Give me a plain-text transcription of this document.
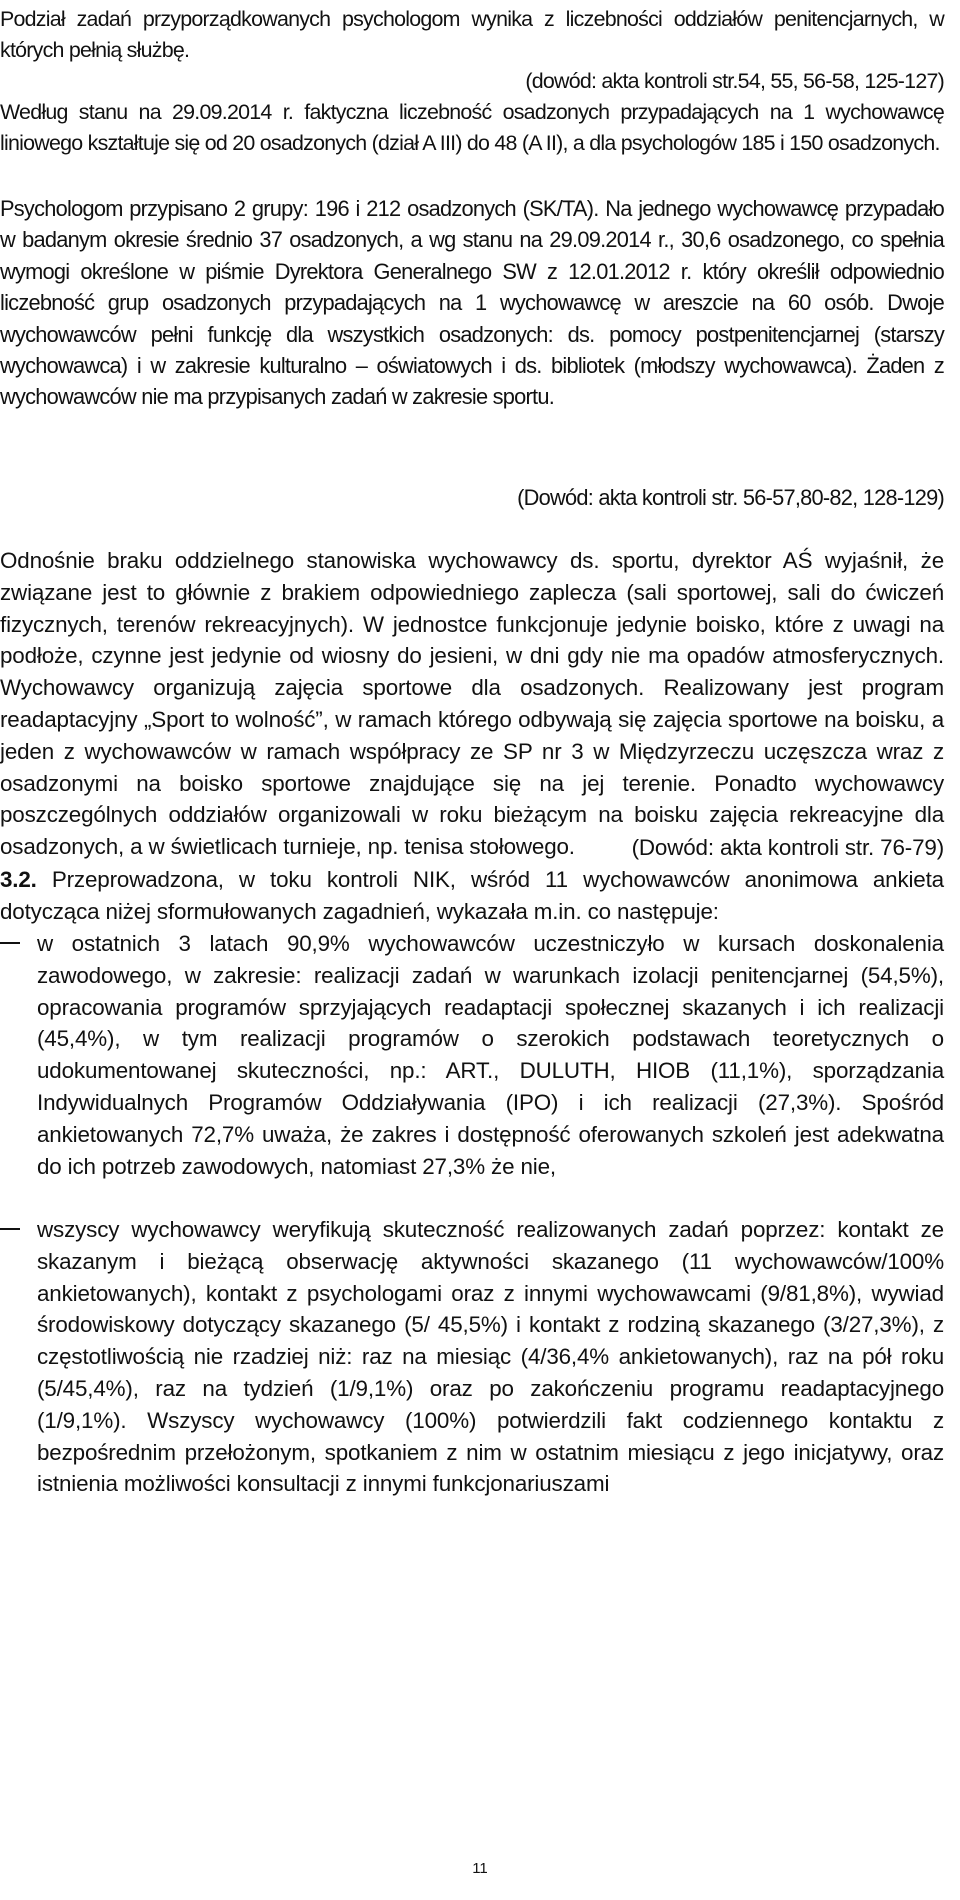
Podział zadań przyporządkowanych psychologom wynika z liczebności oddziałów penitencjarnych, w których pełnią służbę.
(dowód: akta kontroli str.54, 55, 56-58, 125-127)
Według stanu na 29.09.2014 r. faktyczna liczebność osadzonych przypadających na 1 wychowawcę liniowego kształtuje się od 20 osadzonych (dział A III) do 48 (A II), a dla psychologów 185 i 150 osadzonych.
Psychologom przypisano 2 grupy: 196 i 212 osadzonych (SK/TA). Na jednego wychowawcę przypadało w badanym okresie średnio 37 osadzonych, a wg stanu na 29.09.2014 r., 30,6 osadzonego, co spełnia wymogi określone w piśmie Dyrektora Generalnego SW z 12.01.2012 r. który określił odpowiednio liczebność grup osadzonych przypadających na 1 wychowawcę w areszcie na 60 osób. Dwoje wychowawców pełni funkcję dla wszystkich osadzonych: ds. pomocy postpenitencjarnej (starszy wychowawca) i w zakresie kulturalno – oświatowych i ds. bibliotek (młodszy wychowawca). Żaden z wychowawców nie ma przypisanych zadań w zakresie sportu.
(Dowód: akta kontroli str. 56-57,80-82, 128-129)
Odnośnie braku oddzielnego stanowiska wychowawcy ds. sportu, dyrektor AŚ wyjaśnił, że związane jest to głównie z brakiem odpowiedniego zaplecza (sali sportowej, sali do ćwiczeń fizycznych, terenów rekreacyjnych). W jednostce funkcjonuje jedynie boisko, które z uwagi na podłoże, czynne jest jedynie od wiosny do jesieni, w dni gdy nie ma opadów atmosferycznych. Wychowawcy organizują zajęcia sportowe dla osadzonych. Realizowany jest program readaptacyjny „Sport to wolność”, w ramach którego odbywają się zajęcia sportowe na boisku, a jeden z wychowawców w ramach współpracy ze SP nr 3 w Międzyrzeczu uczęszcza wraz z osadzonymi na boisko sportowe znajdujące się na jej terenie. Ponadto wychowawcy poszczególnych oddziałów organizowali w roku bieżącym na boisku zajęcia rekreacyjne dla osadzonych, a w świetlicach turnieje, np. tenisa stołowego.	(Dowód: akta kontroli str. 76-79)
3.2. Przeprowadzona, w toku kontroli NIK, wśród 11 wychowawców anonimowa ankieta dotycząca niżej sformułowanych zagadnień, wykazała m.in. co następuje:
w ostatnich 3 latach 90,9% wychowawców uczestniczyło w kursach doskonalenia zawodowego, w zakresie: realizacji zadań w warunkach izolacji penitencjarnej (54,5%), opracowania programów sprzyjających readaptacji społecznej skazanych i ich realizacji (45,4%), w tym realizacji programów o szerokich podstawach teoretycznych o udokumentowanej skuteczności, np.: ART., DULUTH, HIOB (11,1%), sporządzania Indywidualnych Programów Oddziaływania (IPO) i ich realizacji (27,3%). Spośród ankietowanych 72,7% uważa, że zakres i dostępność oferowanych szkoleń jest adekwatna do ich potrzeb zawodowych, natomiast 27,3% że nie,
wszyscy wychowawcy weryfikują skuteczność realizowanych zadań poprzez: kontakt ze skazanym i bieżącą obserwację aktywności skazanego (11 wychowawców/100% ankietowanych), kontakt z psychologami oraz z innymi wychowawcami (9/81,8%), wywiad środowiskowy dotyczący skazanego (5/ 45,5%) i kontakt z rodziną skazanego (3/27,3%), z częstotliwością nie rzadziej niż: raz na miesiąc (4/36,4% ankietowanych), raz na pół roku (5/45,4%), raz na tydzień (1/9,1%) oraz po zakończeniu programu readaptacyjnego (1/9,1%). Wszyscy wychowawcy (100%) potwierdzili fakt codziennego kontaktu z bezpośrednim przełożonym, spotkaniem z nim w ostatnim miesiącu z jego inicjatywy, oraz istnienia możliwości konsultacji z innymi funkcjonariuszami
11
